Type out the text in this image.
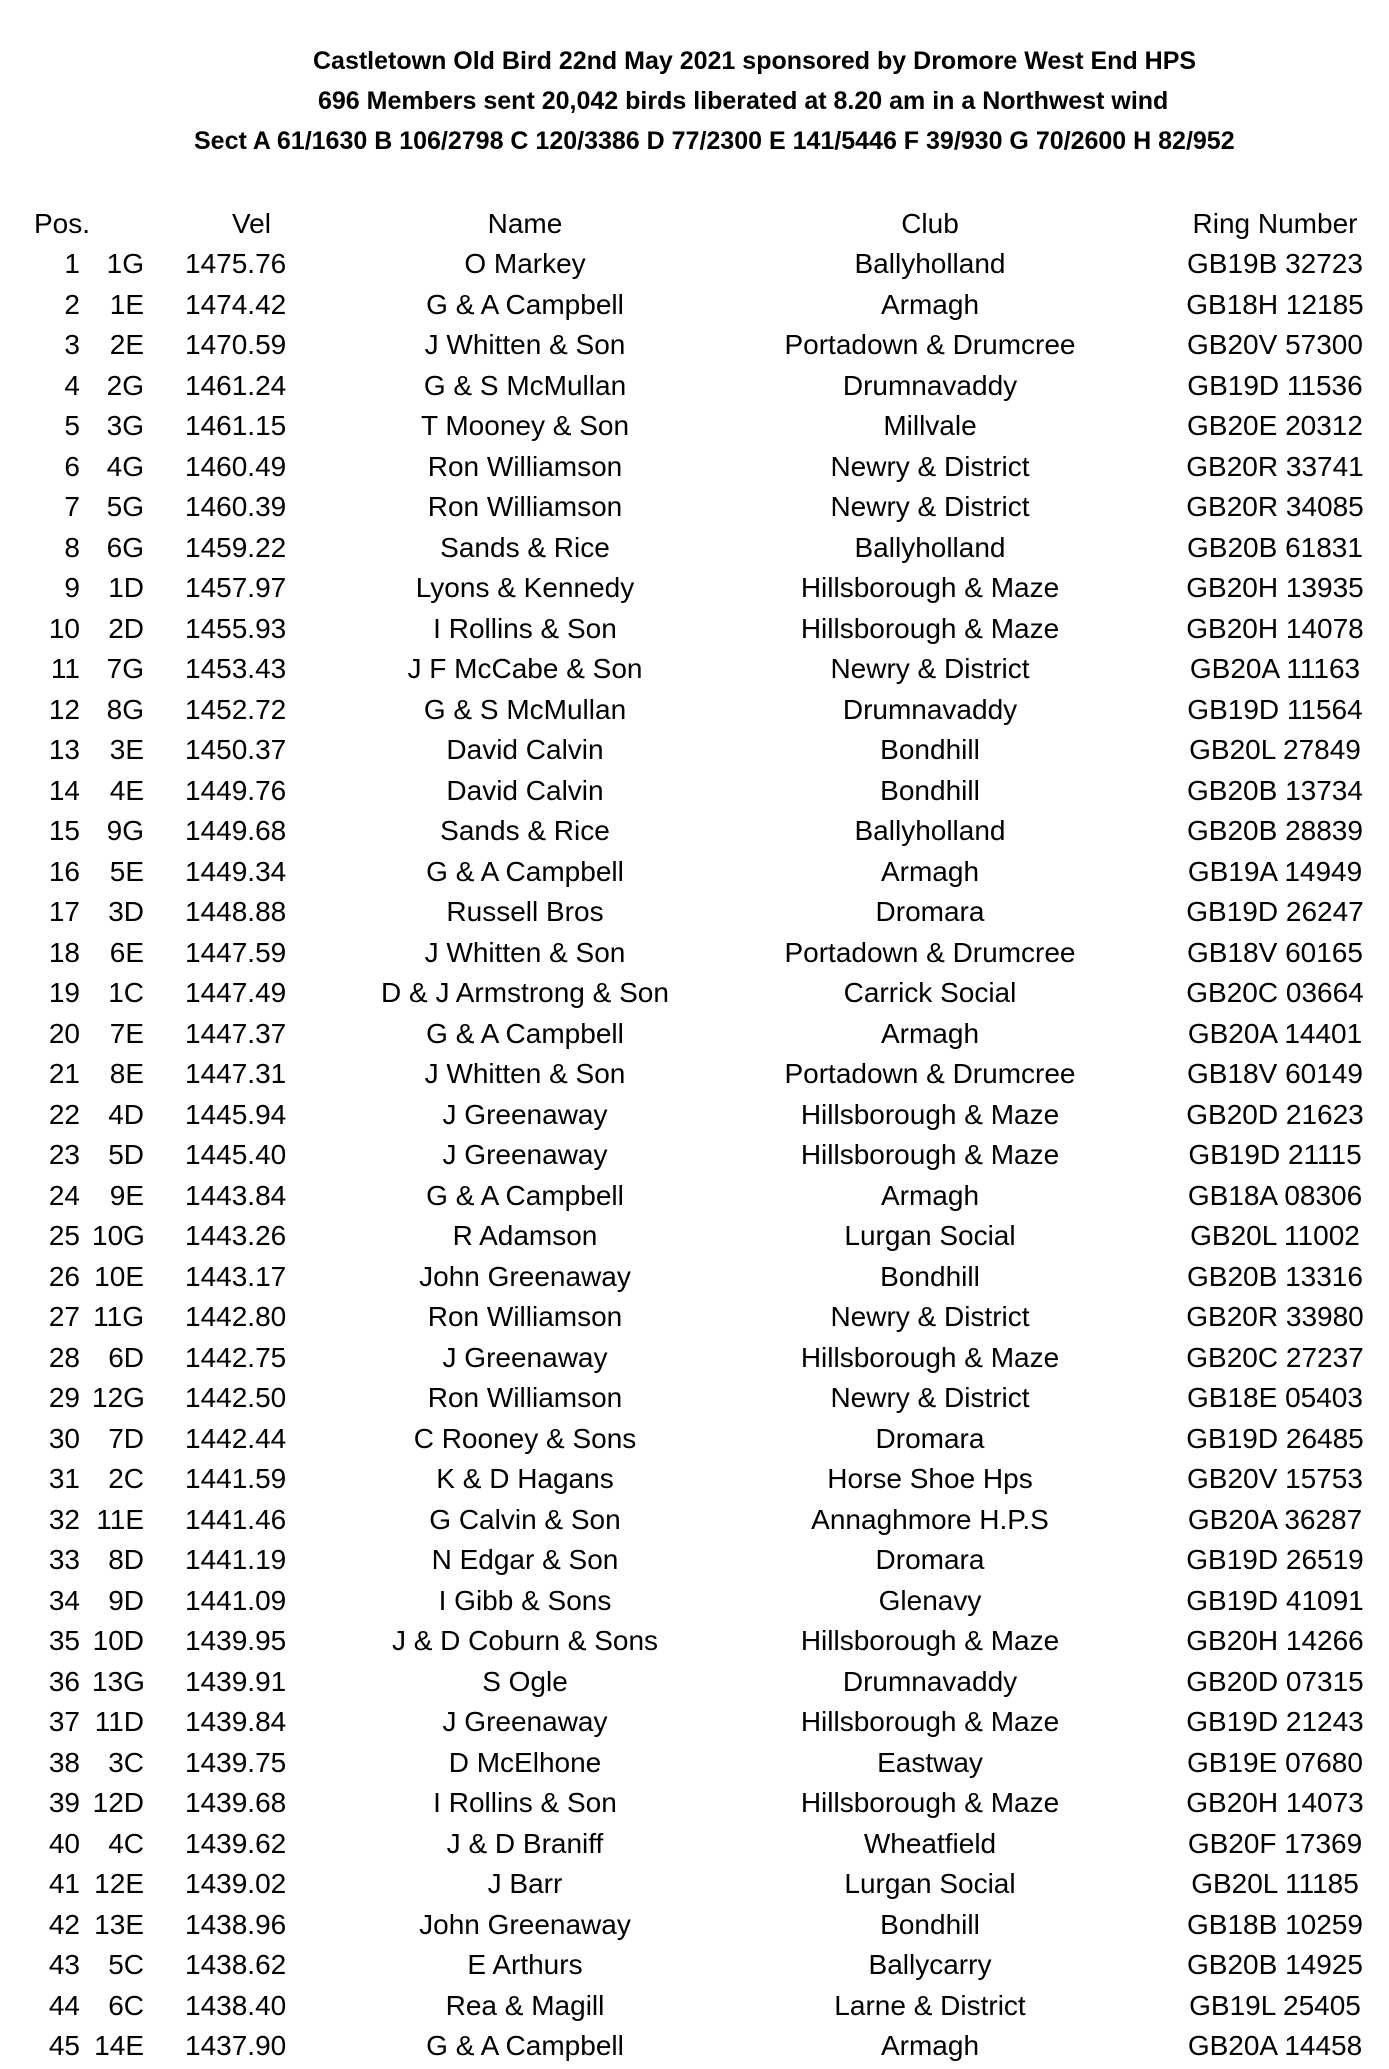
Castletown Old Bird 22nd May 2021 sponsored by Dromore West End HPS
696 Members sent 20,042 birds liberated at 8.20 am in a Northwest wind
Sect A 61/1630 B 106/2798 C 120/3386 D 77/2300 E 141/5446 F 39/930 G 70/2600 H 82/952
Pos.	Vel	Name	Club	Ring Number
1 1G 1475.76	O Markey	Ballyholland	GB19B 32723
2	1E 1474.42	G & A Campbell	Armagh	GB18H 12185
3	2E 1470.59	J Whitten & Son	Portadown & Drumcree	GB20V 57300
4 2G 1461.24	G & S McMullan	Drumnavaddy	GB19D 11536
5 3G 1461.15	T Mooney & Son	Millvale	GB20E 20312
6 4G 1460.49	Ron Williamson	Newry & District	GB20R 33741
7 5G 1460.39	Ron Williamson	Newry & District	GB20R 34085
8 6G 1459.22	Sands & Rice	Ballyholland	GB20B 61831
9	1D 1457.97	Lyons & Kennedy	Hillsborough & Maze	GB20H 13935
10	2D 1455.93	I Rollins & Son	Hillsborough & Maze	GB20H 14078
11 7G 1453.43	J F McCabe & Son	Newry & District	GB20A 11163
12 8G 1452.72	G & S McMullan	Drumnavaddy	GB19D 11564
13	3E 1450.37	David Calvin	Bondhill	GB20L 27849
14	4E 1449.76	David Calvin	Bondhill	GB20B 13734
15 9G 1449.68	Sands & Rice	Ballyholland	GB20B 28839
16	5E 1449.34	G & A Campbell	Armagh	GB19A 14949
17	3D 1448.88	Russell Bros	Dromara	GB19D 26247
18	6E 1447.59	J Whitten & Son	Portadown & Drumcree	GB18V 60165
19	1C 1447.49	D & J Armstrong & Son	Carrick Social	GB20C 03664
20	7E 1447.37	G & A Campbell	Armagh	GB20A 14401
21	8E 1447.31	J Whitten & Son	Portadown & Drumcree	GB18V 60149
22	4D 1445.94	J Greenaway	Hillsborough & Maze	GB20D 21623
23	5D 1445.40	J Greenaway	Hillsborough & Maze	GB19D 21115
24	9E 1443.84	G & A Campbell	Armagh	GB18A 08306
25 10G 1443.26	R Adamson	Lurgan Social	GB20L 11002
26 10E 1443.17	John Greenaway	Bondhill	GB20B 13316
27 11G 1442.80	Ron Williamson	Newry & District	GB20R 33980
28	6D 1442.75	J Greenaway	Hillsborough & Maze	GB20C 27237
29 12G 1442.50	Ron Williamson	Newry & District	GB18E 05403
30	7D 1442.44	C Rooney & Sons	Dromara	GB19D 26485
31	2C 1441.59	K & D Hagans	Horse Shoe Hps	GB20V 15753
32 11E 1441.46	G Calvin & Son	Annaghmore H.P.S	GB20A 36287
33	8D 1441.19	N Edgar & Son	Dromara	GB19D 26519
34	9D 1441.09	I Gibb & Sons	Glenavy	GB19D 41091
35 10D 1439.95	J & D Coburn & Sons	Hillsborough & Maze	GB20H 14266
36 13G 1439.91	S Ogle	Drumnavaddy	GB20D 07315
37 11D 1439.84	J Greenaway	Hillsborough & Maze	GB19D 21243
38	3C 1439.75	D McElhone	Eastway	GB19E 07680
39 12D 1439.68	I Rollins & Son	Hillsborough & Maze	GB20H 14073
40	4C 1439.62	J & D Braniff	Wheatfield	GB20F 17369
41 12E 1439.02	J Barr	Lurgan Social	GB20L 11185
42 13E 1438.96	John Greenaway	Bondhill	GB18B 10259
43	5C 1438.62	E Arthurs	Ballycarry	GB20B 14925
44	6C 1438.40	Rea & Magill	Larne & District	GB19L 25405
45 14E 1437.90	G & A Campbell	Armagh	GB20A 14458
